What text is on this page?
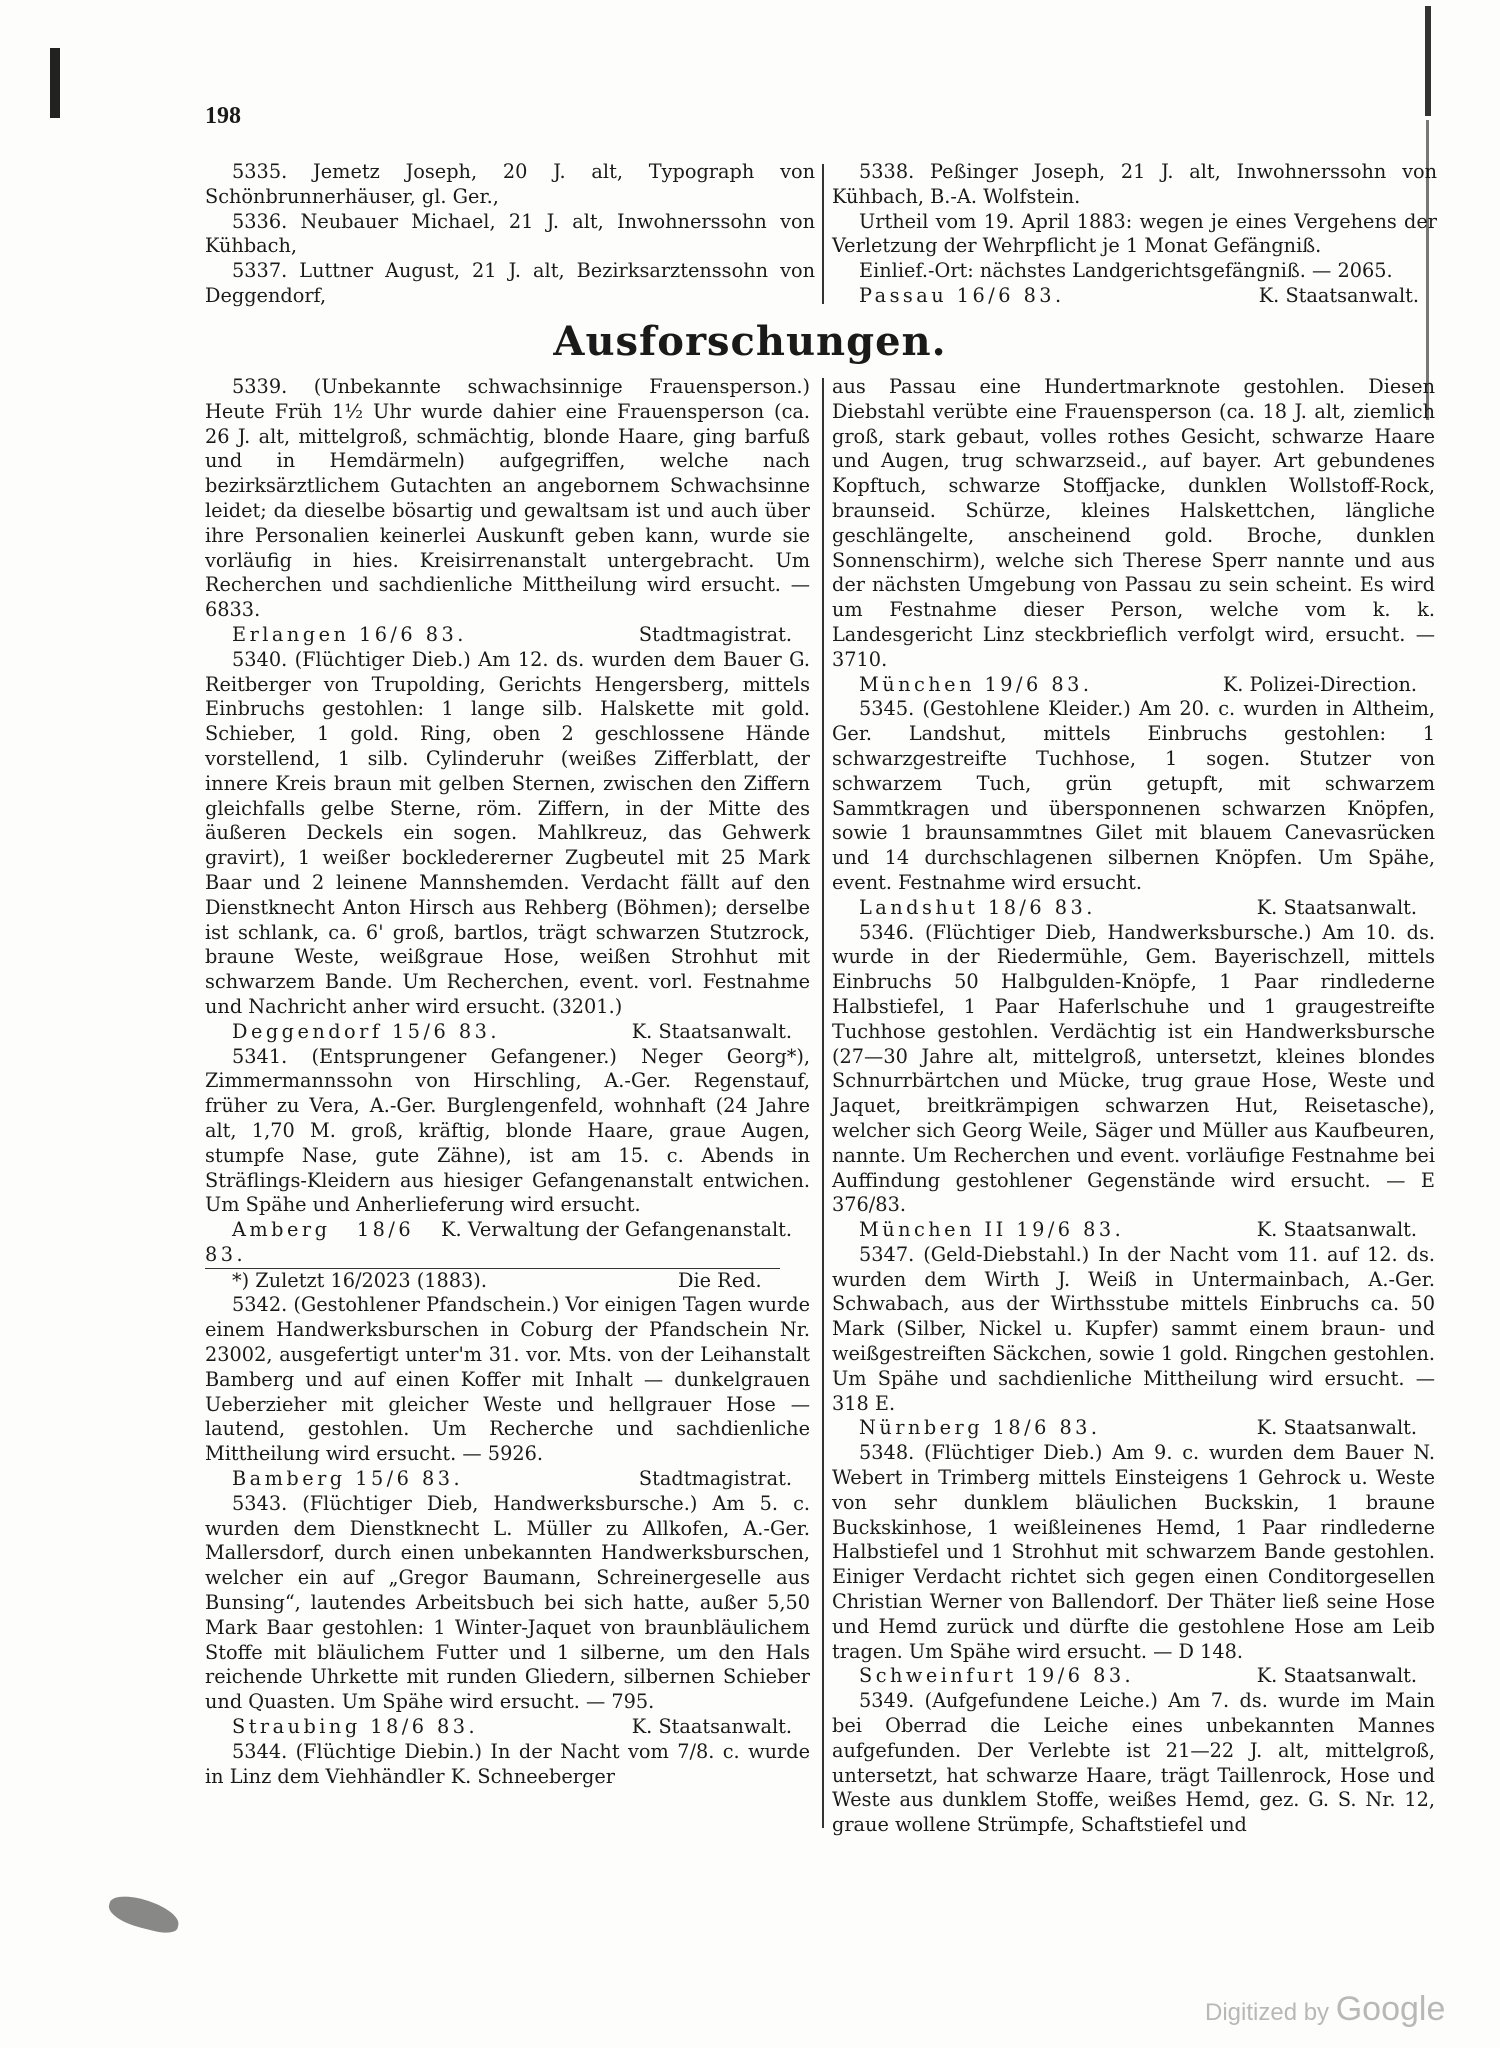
198

5335. Jemetz Joseph, 20 J. alt, Typograph von Schönbrunnerhäuser, gl. Ger.,

5336. Neubauer Michael, 21 J. alt, Inwohnerssohn von Kühbach,

5337. Luttner August, 21 J. alt, Bezirksarztenssohn von Deggendorf,

5338. Peßinger Joseph, 21 J. alt, Inwohnerssohn von Kühbach, B.-A. Wolfstein.

Urtheil vom 19. April 1883: wegen je eines Vergehens der Verletzung der Wehrpflicht je 1 Monat Gefängniß.

Einlief.-Ort: nächstes Landgerichtsgefängniß. — 2065.

Passau 16/6 83.	K. Staatsanwalt.
Ausforschungen.

5339. (Unbekannte schwachsinnige Frauensperson.) Heute Früh 1½ Uhr wurde dahier eine Frauensperson (ca. 26 J. alt, mittelgroß, schmächtig, blonde Haare, ging barfuß und in Hemdärmeln) aufgegriffen, welche nach bezirksärztlichem Gutachten an angebornem Schwachsinne leidet; da dieselbe bösartig und gewaltsam ist und auch über ihre Personalien keinerlei Auskunft geben kann, wurde sie vorläufig in hies. Kreisirrenanstalt untergebracht. Um Recherchen und sachdienliche Mittheilung wird ersucht. — 6833.

Erlangen 16/6 83.	Stadtmagistrat.

5340. (Flüchtiger Dieb.) Am 12. ds. wurden dem Bauer G. Reitberger von Trupolding, Gerichts Hengersberg, mittels Einbruchs gestohlen: 1 lange silb. Halskette mit gold. Schieber, 1 gold. Ring, oben 2 geschlossene Hände vorstellend, 1 silb. Cylinderuhr (weißes Zifferblatt, der innere Kreis braun mit gelben Sternen, zwischen den Ziffern gleichfalls gelbe Sterne, röm. Ziffern, in der Mitte des äußeren Deckels ein sogen. Mahlkreuz, das Gehwerk gravirt), 1 weißer bockledererner Zugbeutel mit 25 Mark Baar und 2 leinene Mannshemden. Verdacht fällt auf den Dienstknecht Anton Hirsch aus Rehberg (Böhmen); derselbe ist schlank, ca. 6' groß, bartlos, trägt schwarzen Stutzrock, braune Weste, weißgraue Hose, weißen Strohhut mit schwarzem Bande. Um Recherchen, event. vorl. Festnahme und Nachricht anher wird ersucht. (3201.)

Deggendorf 15/6 83.	K. Staatsanwalt.

5341. (Entsprungener Gefangener.) Neger Georg*), Zimmermannssohn von Hirschling, A.-Ger. Regenstauf, früher zu Vera, A.-Ger. Burglengenfeld, wohnhaft (24 Jahre alt, 1,70 M. groß, kräftig, blonde Haare, graue Augen, stumpfe Nase, gute Zähne), ist am 15. c. Abends in Sträflings-Kleidern aus hiesiger Gefangenanstalt entwichen. Um Spähe und Anherlieferung wird ersucht.

Amberg 18/6 83.
K. Verwaltung der Gefangenanstalt.
*) Zuletzt 16/2023 (1883).	Die Red.

5342. (Gestohlener Pfandschein.) Vor einigen Tagen wurde einem Handwerksburschen in Coburg der Pfandschein Nr. 23002, ausgefertigt unter'm 31. vor. Mts. von der Leihanstalt Bamberg und auf einen Koffer mit Inhalt — dunkelgrauen Ueberzieher mit gleicher Weste und hellgrauer Hose — lautend, gestohlen. Um Recherche und sachdienliche Mittheilung wird ersucht. — 5926.

Bamberg 15/6 83.	Stadtmagistrat.

5343. (Flüchtiger Dieb, Handwerksbursche.) Am 5. c. wurden dem Dienstknecht L. Müller zu Allkofen, A.-Ger. Mallersdorf, durch einen unbekannten Handwerksburschen, welcher ein auf „Gregor Baumann, Schreinergeselle aus Bunsing“, lautendes Arbeitsbuch bei sich hatte, außer 5,50 Mark Baar gestohlen: 1 Winter-Jaquet von braunbläulichem Stoffe mit bläulichem Futter und 1 silberne, um den Hals reichende Uhrkette mit runden Gliedern, silbernen Schieber und Quasten. Um Spähe wird ersucht. — 795.

Straubing 18/6 83.	K. Staatsanwalt.

5344. (Flüchtige Diebin.) In der Nacht vom 7/8. c. wurde in Linz dem Viehhändler K. Schneeberger

aus Passau eine Hundertmarknote gestohlen. Diesen Diebstahl verübte eine Frauensperson (ca. 18 J. alt, ziemlich groß, stark gebaut, volles rothes Gesicht, schwarze Haare und Augen, trug schwarzseid., auf bayer. Art gebundenes Kopftuch, schwarze Stoffjacke, dunklen Wollstoff-Rock, braunseid. Schürze, kleines Halskettchen, längliche geschlängelte, anscheinend gold. Broche, dunklen Sonnenschirm), welche sich Therese Sperr nannte und aus der nächsten Umgebung von Passau zu sein scheint. Es wird um Festnahme dieser Person, welche vom k. k. Landesgericht Linz steckbrieflich verfolgt wird, ersucht. — 3710.

München 19/6 83.	K. Polizei-Direction.

5345. (Gestohlene Kleider.) Am 20. c. wurden in Altheim, Ger. Landshut, mittels Einbruchs gestohlen: 1 schwarzgestreifte Tuchhose, 1 sogen. Stutzer von schwarzem Tuch, grün getupft, mit schwarzem Sammtkragen und übersponnenen schwarzen Knöpfen, sowie 1 braunsammtnes Gilet mit blauem Canevasrücken und 14 durchschlagenen silbernen Knöpfen. Um Spähe, event. Festnahme wird ersucht.

Landshut 18/6 83.	K. Staatsanwalt.

5346. (Flüchtiger Dieb, Handwerksbursche.) Am 10. ds. wurde in der Riedermühle, Gem. Bayerischzell, mittels Einbruchs 50 Halbgulden-Knöpfe, 1 Paar rindlederne Halbstiefel, 1 Paar Haferlschuhe und 1 graugestreifte Tuchhose gestohlen. Verdächtig ist ein Handwerksbursche (27—30 Jahre alt, mittelgroß, untersetzt, kleines blondes Schnurrbärtchen und Mücke, trug graue Hose, Weste und Jaquet, breitkrämpigen schwarzen Hut, Reisetasche), welcher sich Georg Weile, Säger und Müller aus Kaufbeuren, nannte. Um Recherchen und event. vorläufige Festnahme bei Auffindung gestohlener Gegenstände wird ersucht. — E 376/83.

München II 19/6 83.	K. Staatsanwalt.

5347. (Geld-Diebstahl.) In der Nacht vom 11. auf 12. ds. wurden dem Wirth J. Weiß in Untermainbach, A.-Ger. Schwabach, aus der Wirthsstube mittels Einbruchs ca. 50 Mark (Silber, Nickel u. Kupfer) sammt einem braun- und weißgestreiften Säckchen, sowie 1 gold. Ringchen gestohlen. Um Spähe und sachdienliche Mittheilung wird ersucht. — 318 E.

Nürnberg 18/6 83.	K. Staatsanwalt.

5348. (Flüchtiger Dieb.) Am 9. c. wurden dem Bauer N. Webert in Trimberg mittels Einsteigens 1 Gehrock u. Weste von sehr dunklem bläulichen Buckskin, 1 braune Buckskinhose, 1 weißleinenes Hemd, 1 Paar rindlederne Halbstiefel und 1 Strohhut mit schwarzem Bande gestohlen. Einiger Verdacht richtet sich gegen einen Conditorgesellen Christian Werner von Ballendorf. Der Thäter ließ seine Hose und Hemd zurück und dürfte die gestohlene Hose am Leib tragen. Um Spähe wird ersucht. — D 148.

Schweinfurt 19/6 83.	K. Staatsanwalt.

5349. (Aufgefundene Leiche.) Am 7. ds. wurde im Main bei Oberrad die Leiche eines unbekannten Mannes aufgefunden. Der Verlebte ist 21—22 J. alt, mittelgroß, untersetzt, hat schwarze Haare, trägt Taillenrock, Hose und Weste aus dunklem Stoffe, weißes Hemd, gez. G. S. Nr. 12, graue wollene Strümpfe, Schaftstiefel und

Digitized by Google
